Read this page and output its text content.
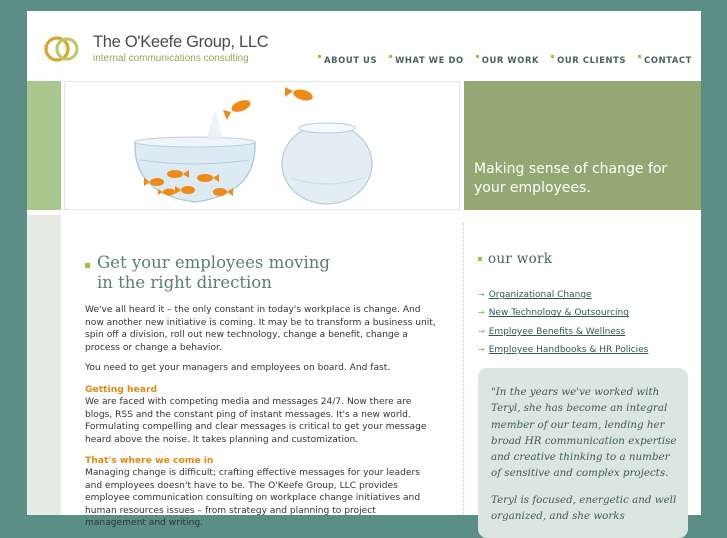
The O'Keefe Group, LLC
internal communications consulting	ABOUT US	WHAT WE DO	OUR WORK	OUR CLIENTS	CONTACT
Making sense of change for your employees.
Get your employees moving
in the right direction

We've all heard it – the only constant in today's workplace is change. And now another new initiative is coming. It may be to transform a business unit, spin off a division, roll out new technology, change a benefit, change a process or change a behavior.

You need to get your managers and employees on board. And fast.

Getting heard

We are faced with competing media and messages 24/7. Now there are blogs, RSS and the constant ping of instant messages. It's a new world. Formulating compelling and clear messages is critical to get your message heard above the noise. It takes planning and customization.

That's where we come in

Managing change is difficult; crafting effective messages for your leaders and employees doesn't have to be. The O'Keefe Group, LLC provides employee communication consulting on workplace change initiatives and human resources issues – from strategy and planning to project management and writing.

our work
→ Organizational Change
→ New Technology & Outsourcing
→ Employee Benefits & Wellness
→ Employee Handbooks & HR Policies

"In the years we've worked with Teryl, she has become an integral member of our team, lending her broad HR communication expertise and creative thinking to a number of sensitive and complex projects.

Teryl is focused, energetic and well organized, and she works
